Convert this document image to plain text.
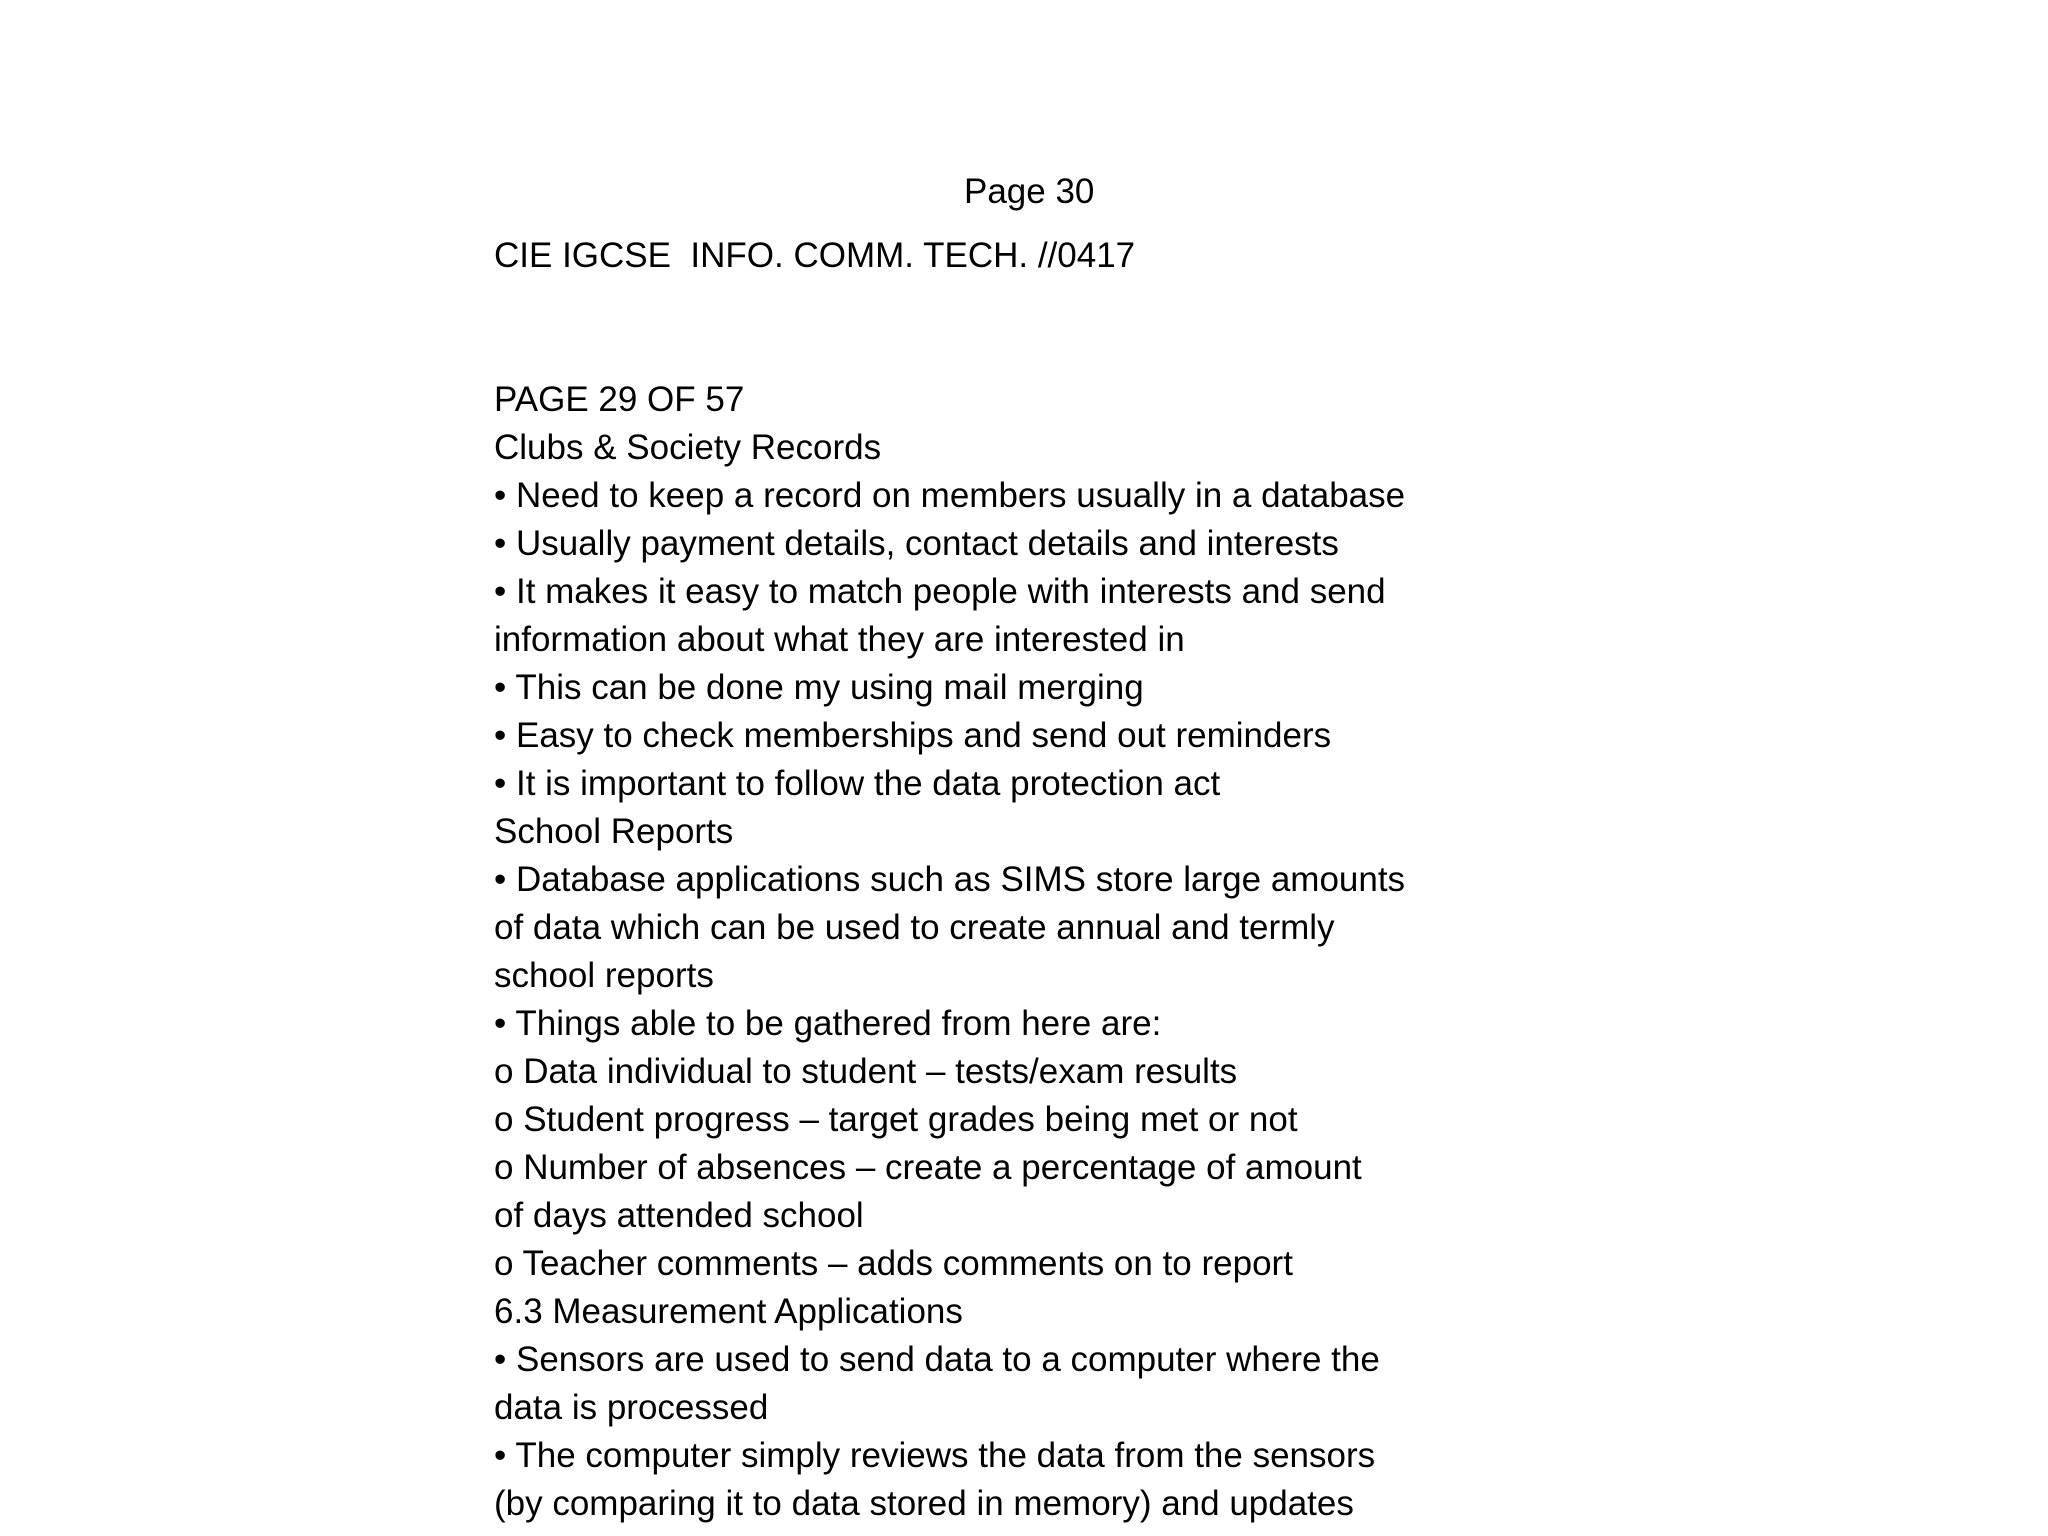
Page 30
CIE IGCSE  INFO. COMM. TECH. //0417
PAGE 29 OF 57
Clubs & Society Records
• Need to keep a record on members usually in a database
• Usually payment details, contact details and interests
• It makes it easy to match people with interests and send
information about what they are interested in
• This can be done my using mail merging
• Easy to check memberships and send out reminders
• It is important to follow the data protection act
School Reports
• Database applications such as SIMS store large amounts
of data which can be used to create annual and termly
school reports
• Things able to be gathered from here are:
o Data individual to student – tests/exam results
o Student progress – target grades being met or not
o Number of absences – create a percentage of amount
of days attended school
o Teacher comments – adds comments on to report
6.3 Measurement Applications
• Sensors are used to send data to a computer where the
data is processed
• The computer simply reviews the data from the sensors
(by comparing it to data stored in memory) and updates
